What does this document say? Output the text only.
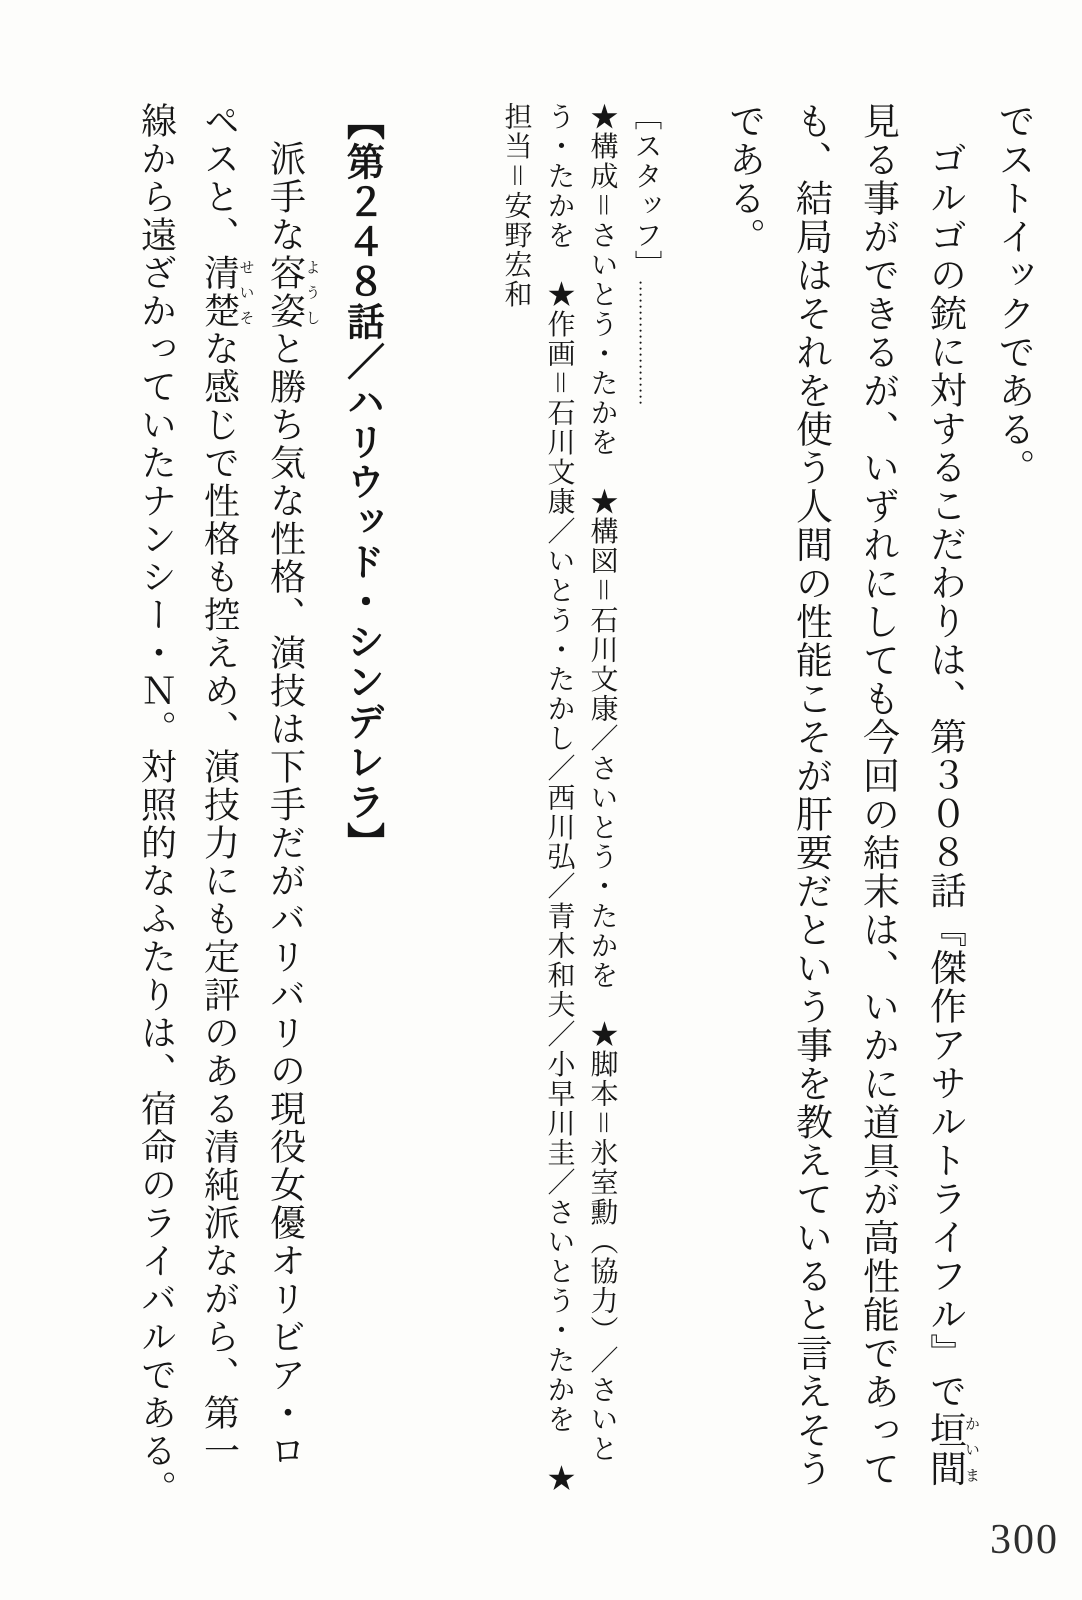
でストイックである。
ゴルゴの銃に対するこだわりは、第３０８話『傑作アサルトライフル』で垣間かいま
見る事ができるが、いずれにしても今回の結末は、いかに道具が高性能であって
も、結局はそれを使う人間の性能こそが肝要だという事を教えていると言えそう
である。
［スタッフ］…………………
★構成＝さいとう・たかを　★構図＝石川文康／さいとう・たかを　★脚本＝氷室勳（協力）／さいと
う・たかを　★作画＝石川文康／いとう・たかし／西川弘／青木和夫／小早川圭／さいとう・たかを　★
担当＝安野宏和
【第２４８話／ハリウッド・シンデレラ】
派手な容姿ようしと勝ち気な性格、演技は下手だがバリバリの現役女優オリビア・ロ
ペスと、清楚せいそな感じで性格も控えめ、演技力にも定評のある清純派ながら、第一
線から遠ざかっていたナンシー・Ｎ。対照的なふたりは、宿命のライバルである。
300
